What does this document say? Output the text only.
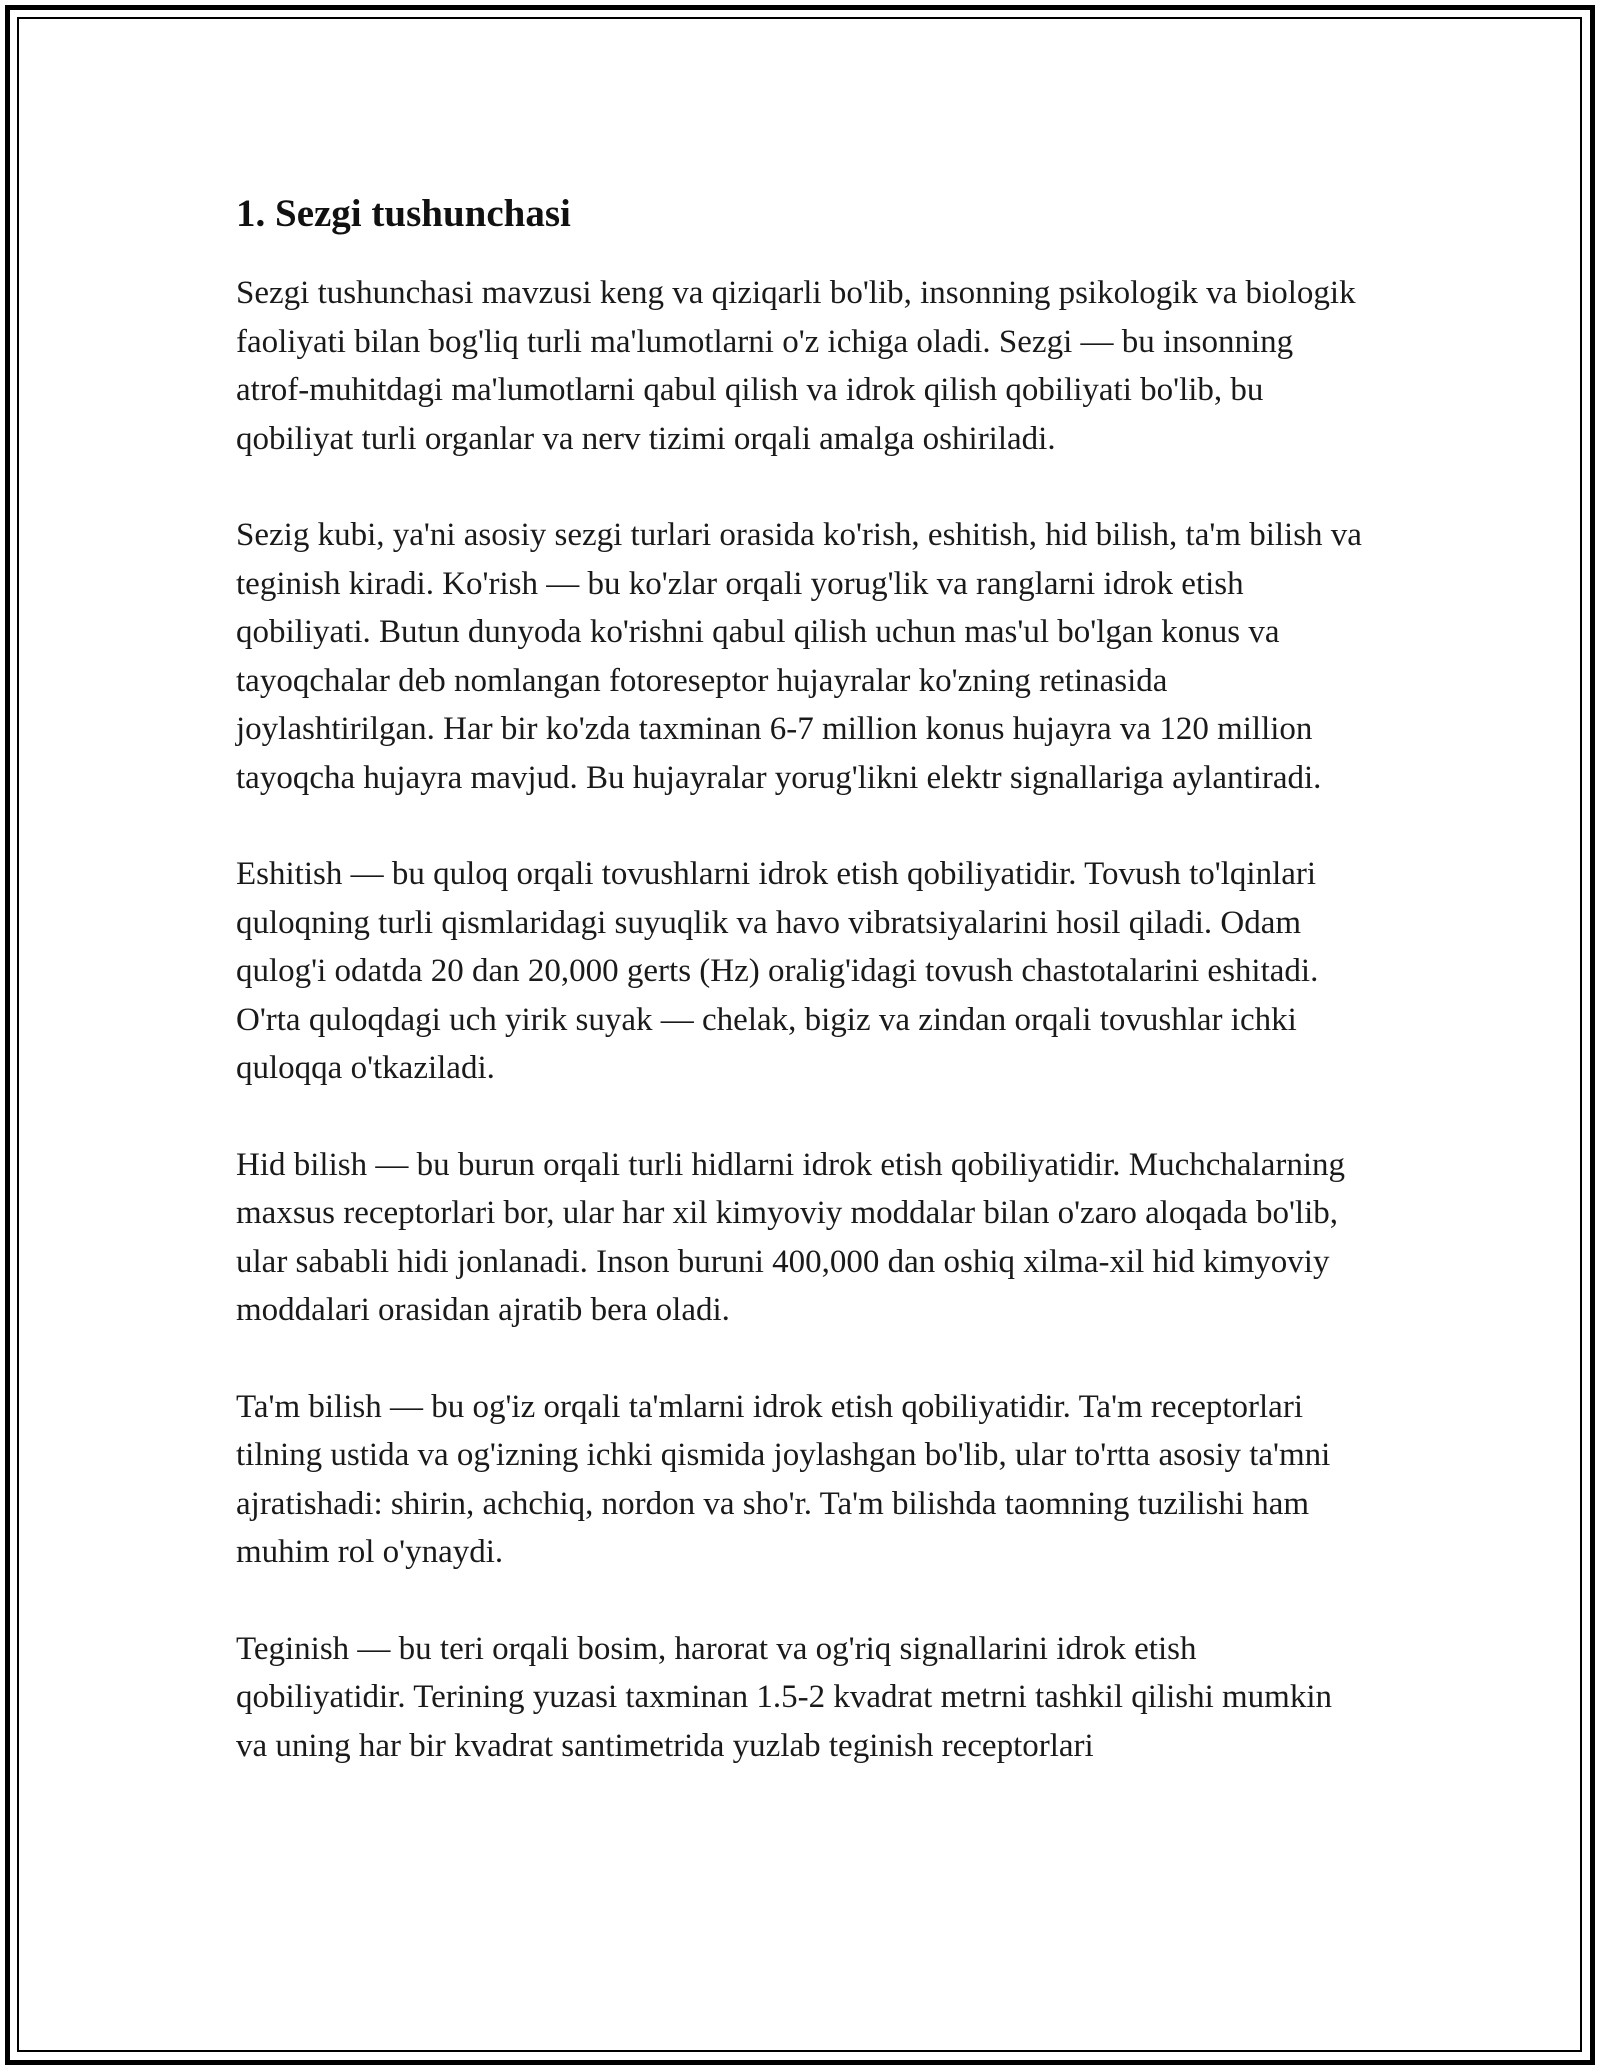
1. Sezgi tushunchasi

Sezgi tushunchasi mavzusi keng va qiziqarli bo'lib, insonning psikologik va biologik faoliyati bilan bog'liq turli ma'lumotlarni o'z ichiga oladi. Sezgi — bu insonning atrof-muhitdagi ma'lumotlarni qabul qilish va idrok qilish qobiliyati bo'lib, bu qobiliyat turli organlar va nerv tizimi orqali amalga oshiriladi.

Sezig kubi, ya'ni asosiy sezgi turlari orasida ko'rish, eshitish, hid bilish, ta'm bilish va teginish kiradi. Ko'rish — bu ko'zlar orqali yorug'lik va ranglarni idrok etish qobiliyati. Butun dunyoda ko'rishni qabul qilish uchun mas'ul bo'lgan konus va tayoqchalar deb nomlangan fotoreseptor hujayralar ko'zning retinasida joylashtirilgan. Har bir ko'zda taxminan 6-7 million konus hujayra va 120 million tayoqcha hujayra mavjud. Bu hujayralar yorug'likni elektr signallariga aylantiradi.

Eshitish — bu quloq orqali tovushlarni idrok etish qobiliyatidir. Tovush to'lqinlari quloqning turli qismlaridagi suyuqlik va havo vibratsiyalarini hosil qiladi. Odam qulog'i odatda 20 dan 20,000 gerts (Hz) oralig'idagi tovush chastotalarini eshitadi. O'rta quloqdagi uch yirik suyak — chelak, bigiz va zindan orqali tovushlar ichki quloqqa o'tkaziladi.

Hid bilish — bu burun orqali turli hidlarni idrok etish qobiliyatidir. Muchchalarning maxsus receptorlari bor, ular har xil kimyoviy moddalar bilan o'zaro aloqada bo'lib, ular sababli hidi jonlanadi. Inson buruni 400,000 dan oshiq xilma-xil hid kimyoviy moddalari orasidan ajratib bera oladi.

Ta'm bilish — bu og'iz orqali ta'mlarni idrok etish qobiliyatidir. Ta'm receptorlari tilning ustida va og'izning ichki qismida joylashgan bo'lib, ular to'rtta asosiy ta'mni ajratishadi: shirin, achchiq, nordon va sho'r. Ta'm bilishda taomning tuzilishi ham muhim rol o'ynaydi.

Teginish — bu teri orqali bosim, harorat va og'riq signallarini idrok etish qobiliyatidir. Terining yuzasi taxminan 1.5-2 kvadrat metrni tashkil qilishi mumkin va uning har bir kvadrat santimetrida yuzlab teginish receptorlari
